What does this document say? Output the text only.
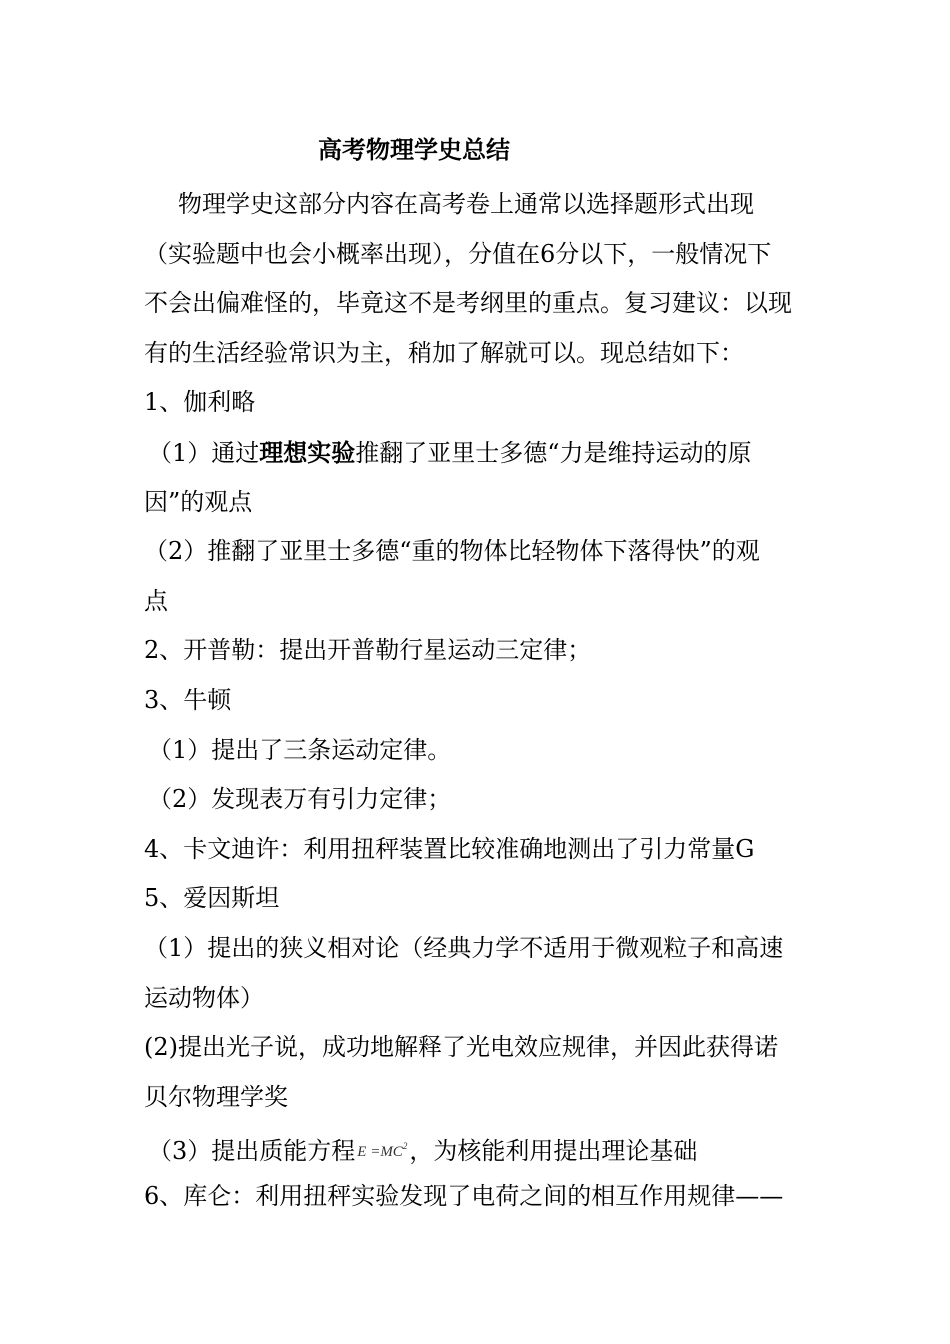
高考物理学史总结
物理学史这部分内容在高考卷上通常以选择题形式出现
（实验题中也会小概率出现），分值在6分以下，一般情况下
不会出偏难怪的，毕竟这不是考纲里的重点。复习建议：以现
有的生活经验常识为主，稍加了解就可以。现总结如下：
1、伽利略
（1）通过理想实验推翻了亚里士多德“力是维持运动的原
因”的观点
（2）推翻了亚里士多德“重的物体比轻物体下落得快”的观
点
2、开普勒：提出开普勒行星运动三定律；
3、牛顿
（1）提出了三条运动定律。
（2）发现表万有引力定律；
4、卡文迪许：利用扭秤装置比较准确地测出了引力常量G
5、爱因斯坦
（1）提出的狭义相对论（经典力学不适用于微观粒子和高速
运动物体）
(2)提出光子说，成功地解释了光电效应规律，并因此获得诺
贝尔物理学奖
（3）提出质能方程 $E =MC^2$，为核能利用提出理论基础
6、库仑：利用扭秤实验发现了电荷之间的相互作用规律——
